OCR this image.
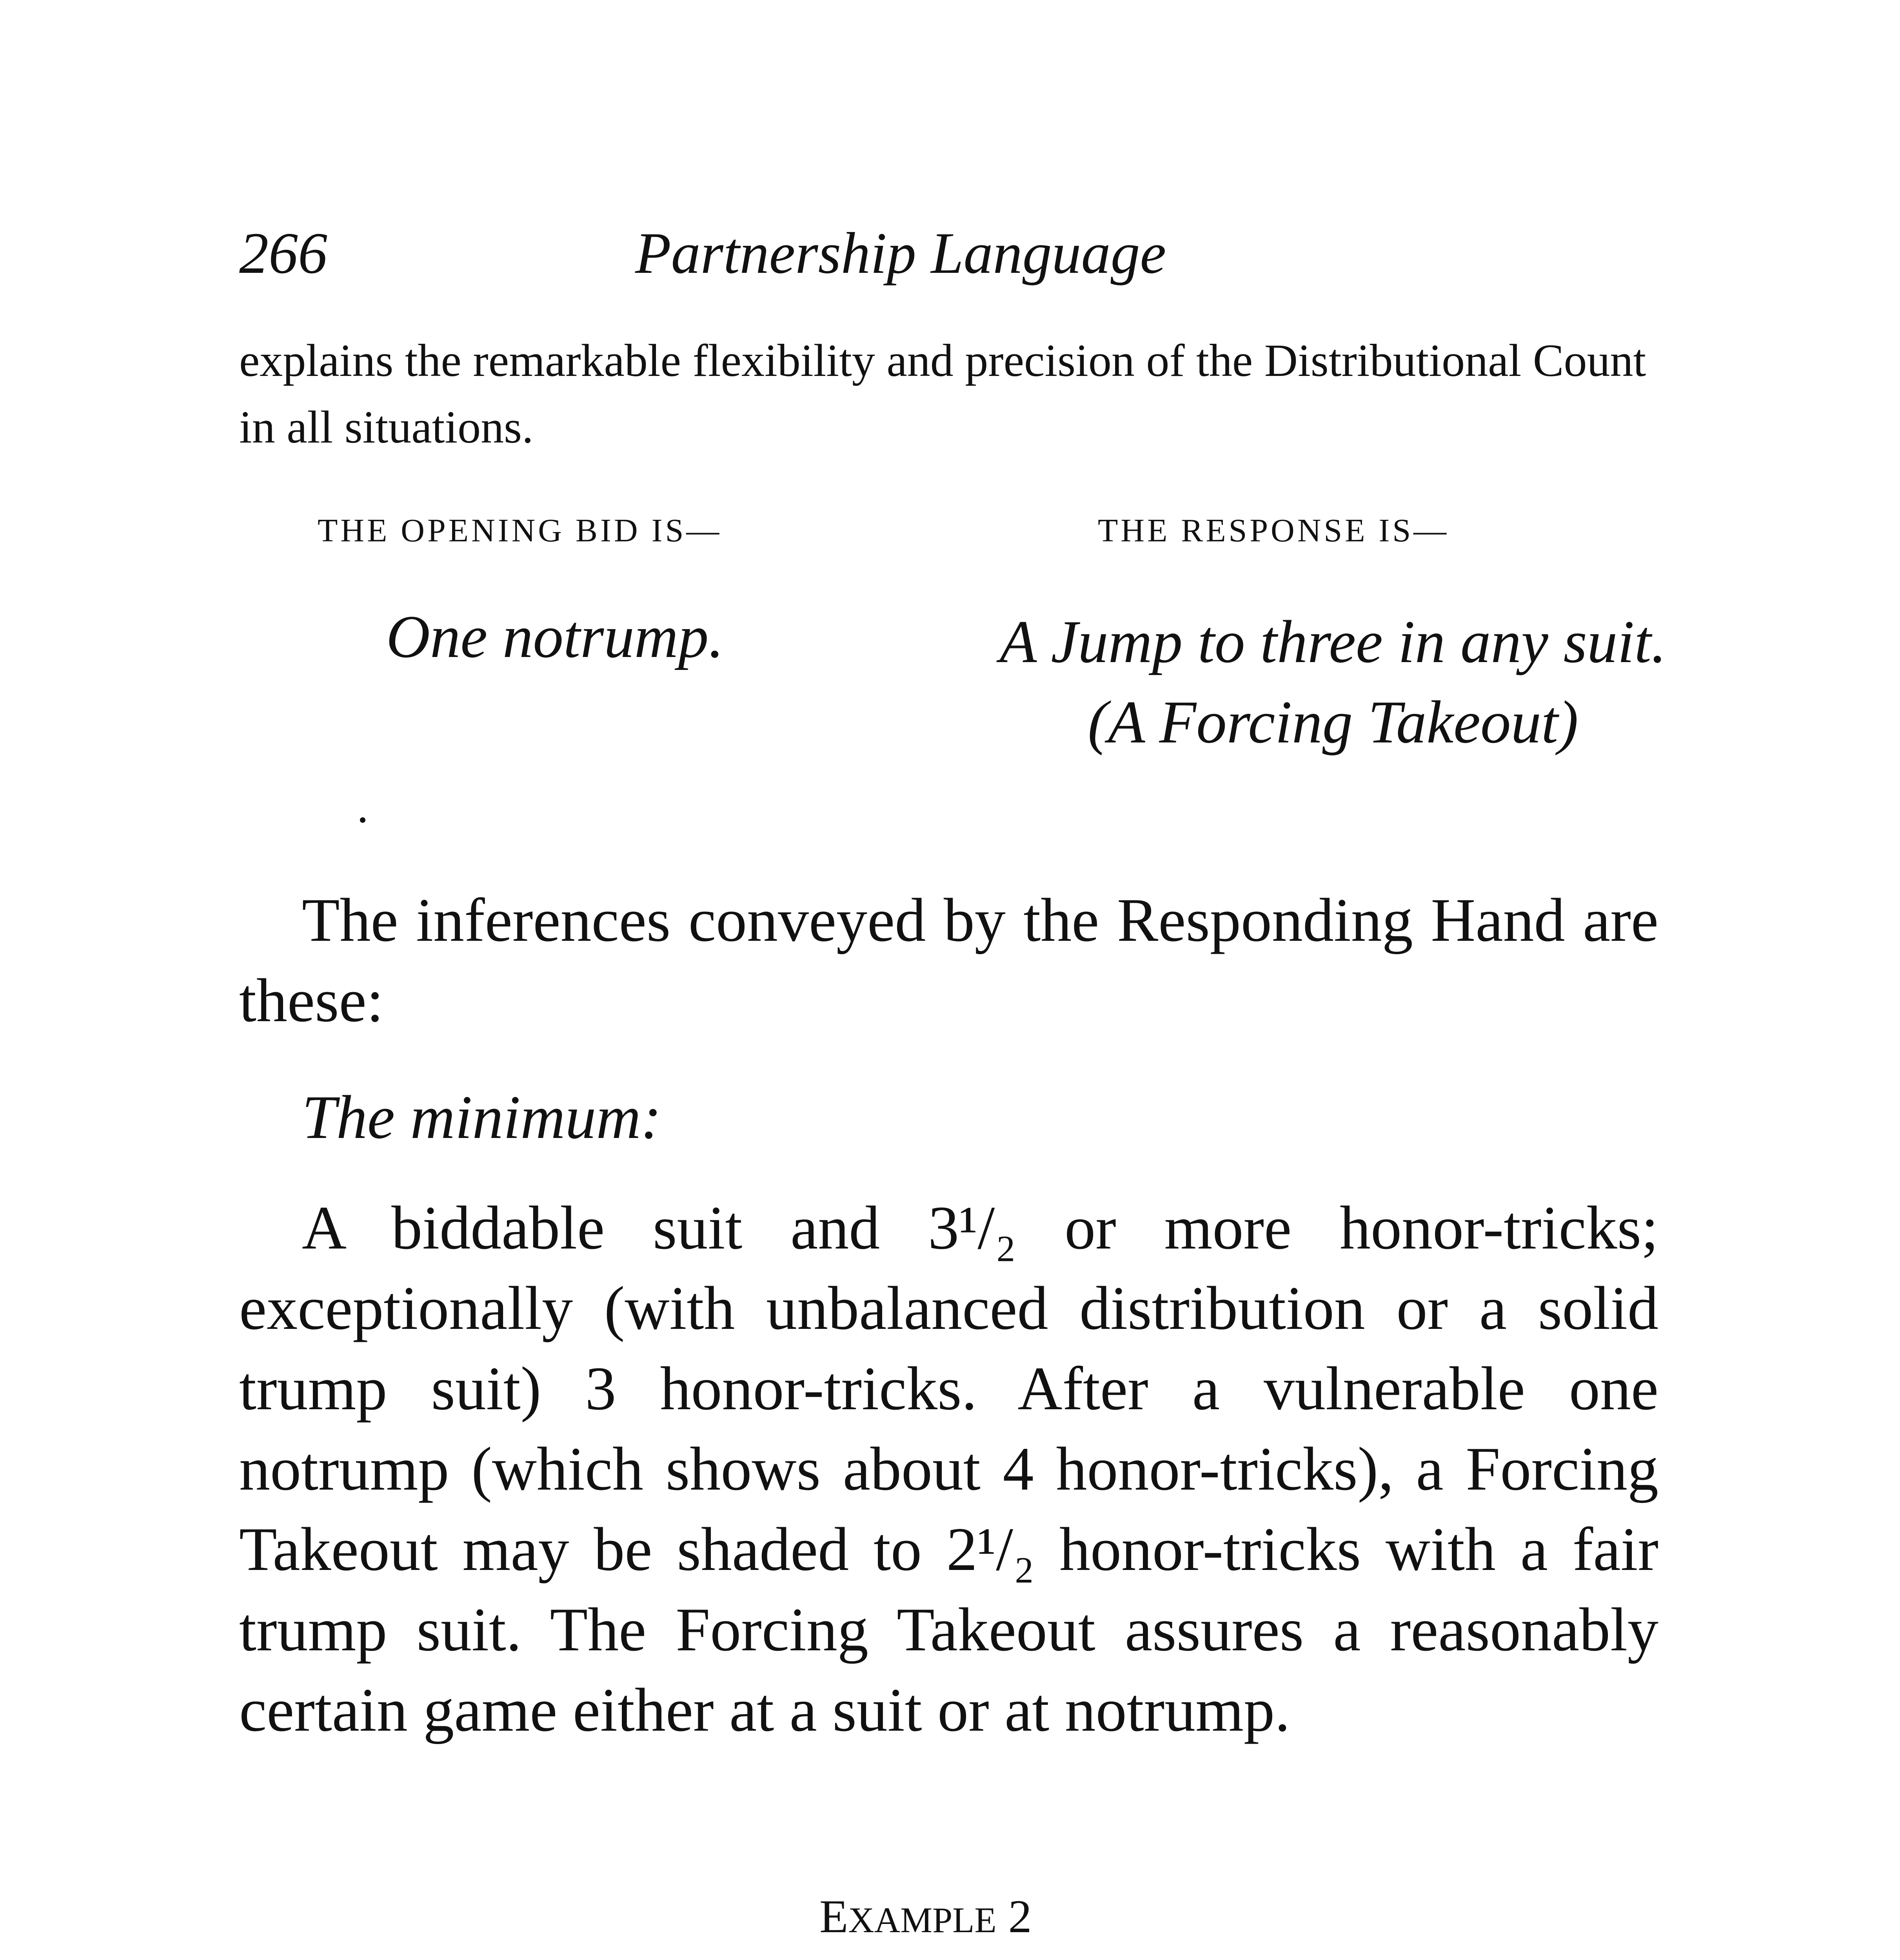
266	Partnership Language
explains the remarkable flexibility and precision of the Distributional Count in all situations.
THE OPENING BID IS—	THE RESPONSE IS—
One notrump.	A Jump to three in any suit.
(A Forcing Takeout)
The inferences conveyed by the Responding Hand are these:
The minimum:
A biddable suit and 3¹/₂ or more honor-tricks; exceptionally (with unbalanced distribution or a solid trump suit) 3 honor-tricks. After a vulnerable one notrump (which shows about 4 honor-tricks), a Forcing Takeout may be shaded to 2¹/₂ honor-tricks with a fair trump suit. The Forcing Takeout assures a reasonably certain game either at a suit or at notrump.
EXAMPLE 2
